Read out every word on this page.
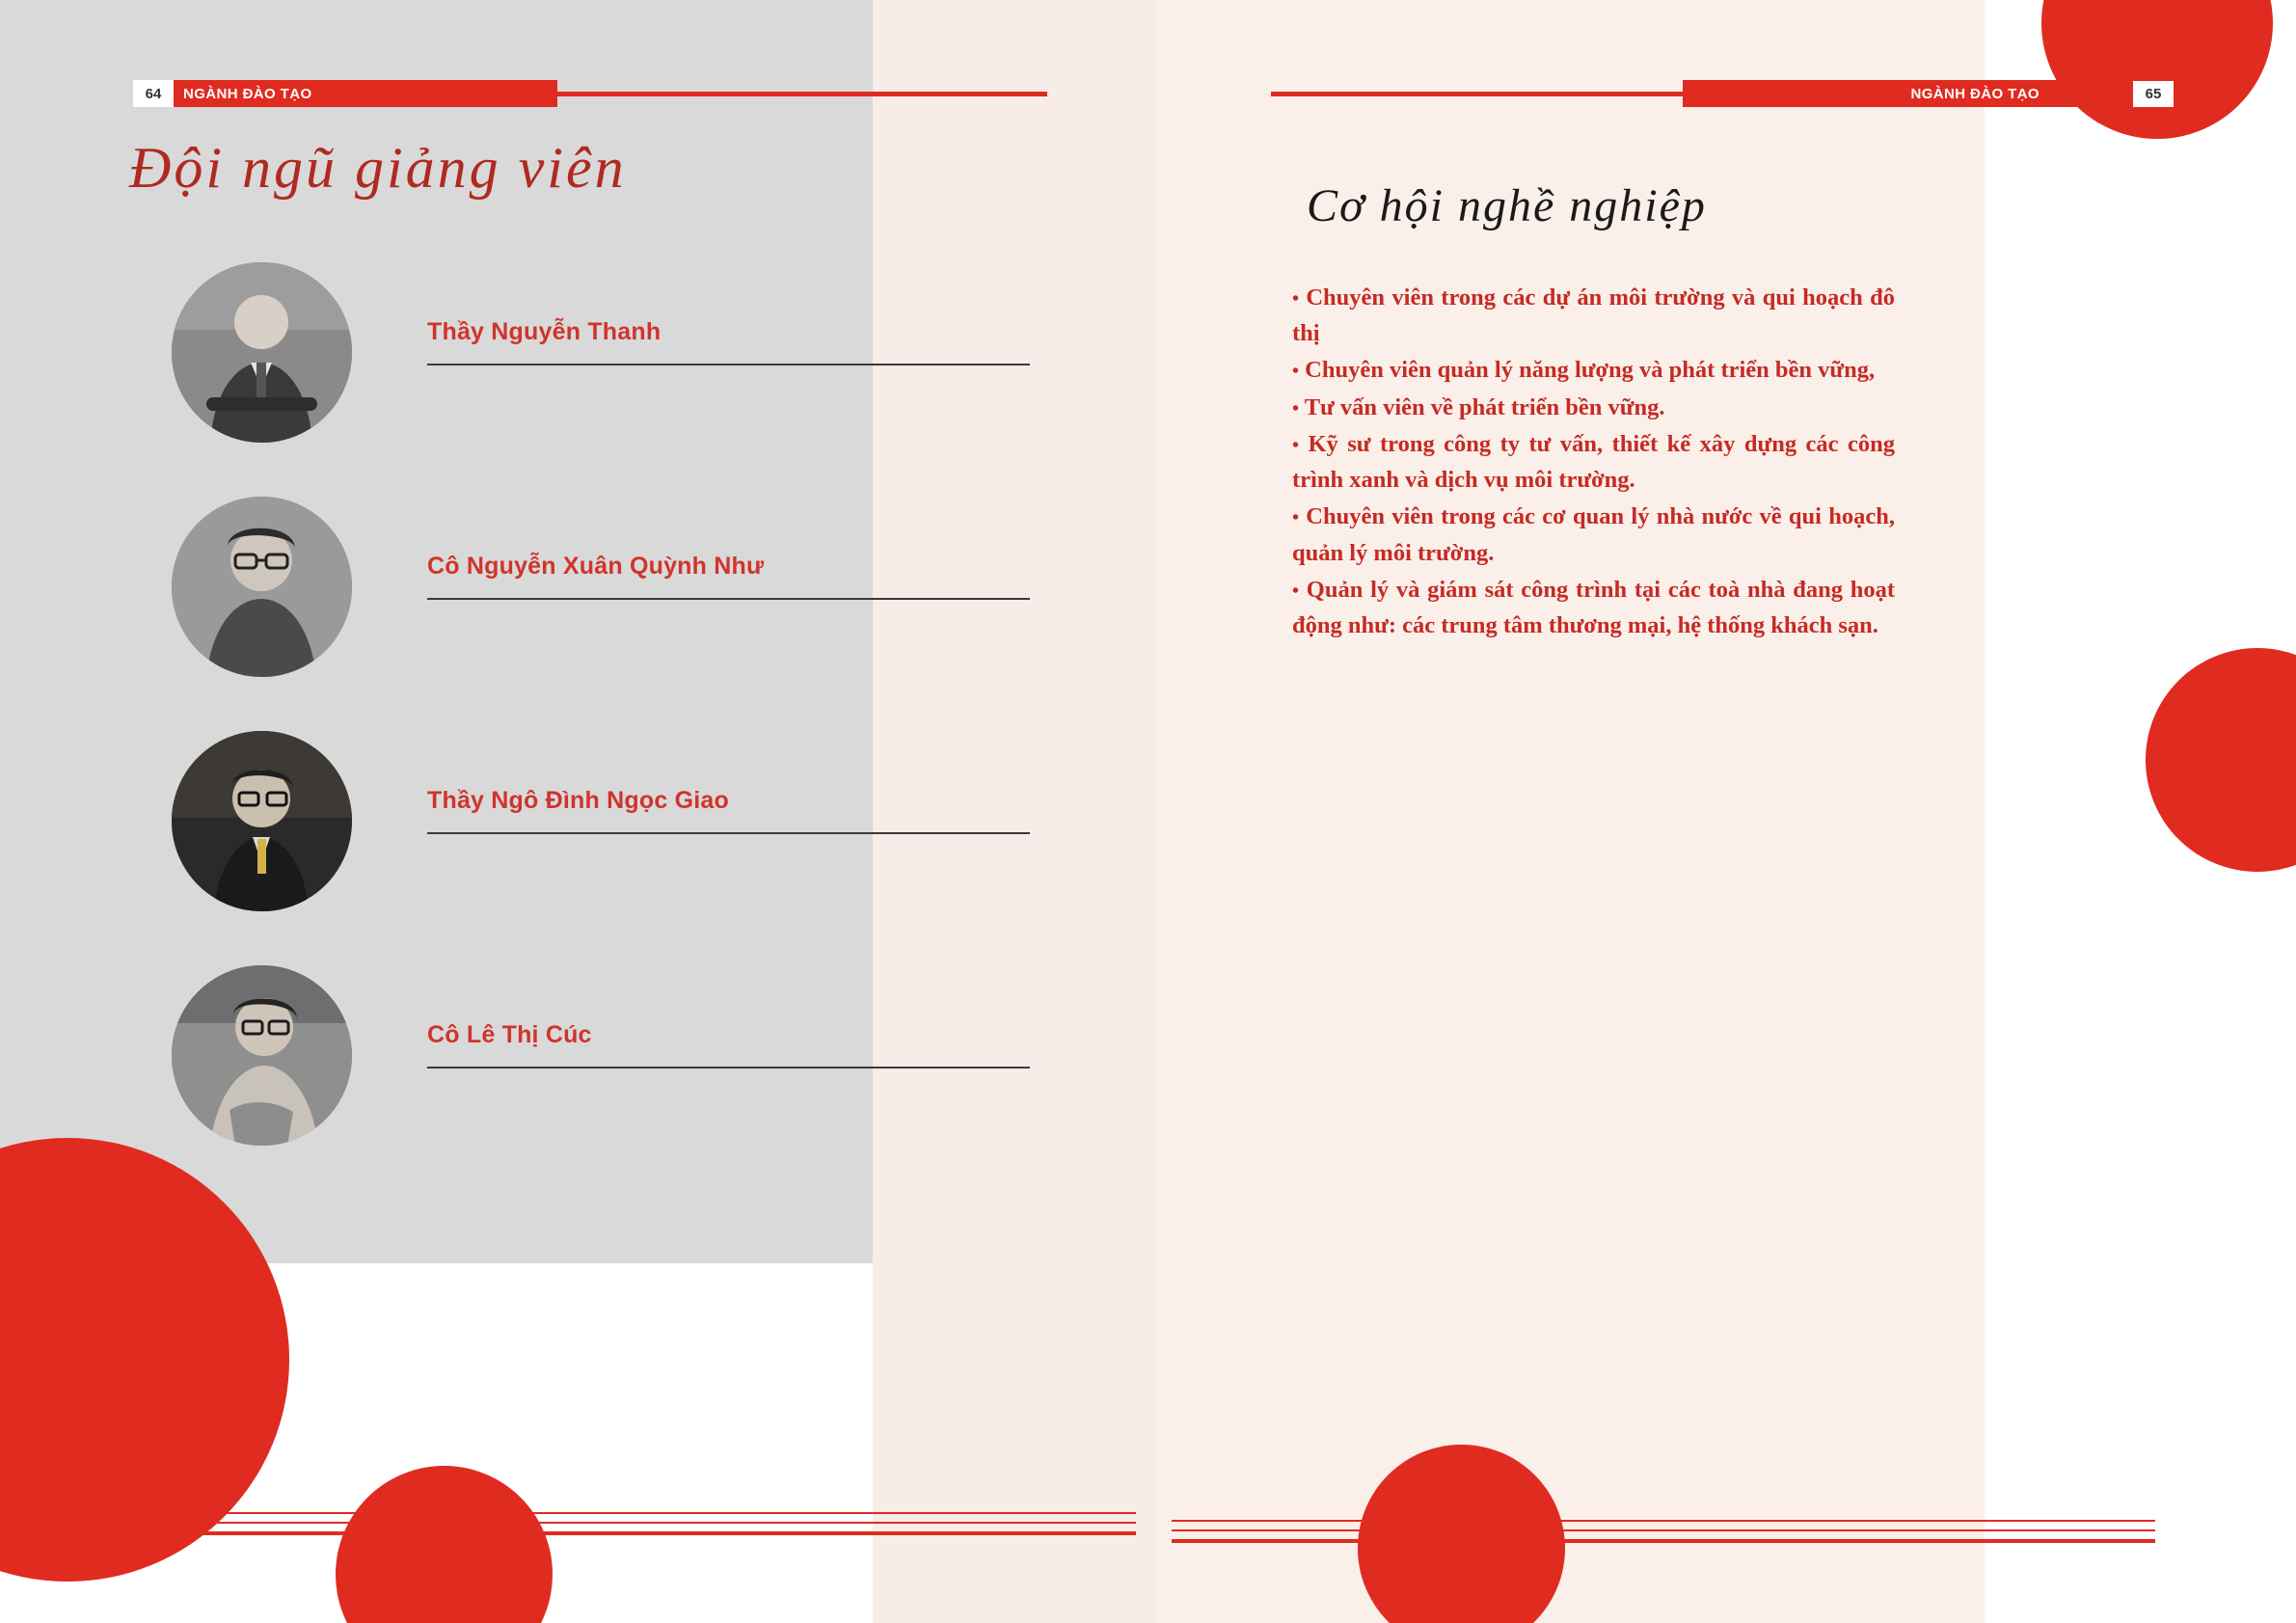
64	NGÀNH ĐÀO TẠO	NGÀNH ĐÀO TẠO	65
Đội ngũ giảng viên
Cơ hội nghề nghiệp
Thầy Nguyễn Thanh
Cô Nguyễn Xuân Quỳnh Như
Thầy Ngô Đình Ngọc Giao
Cô Lê Thị Cúc

• Chuyên viên trong các dự án môi trường và qui hoạch đô thị

• Chuyên viên quản lý năng lượng và phát triển bền vững,

• Tư vấn viên về phát triển bền vững.

• Kỹ sư trong công ty tư vấn, thiết kế xây dựng các công trình xanh và dịch vụ môi trường.

• Chuyên viên trong các cơ quan lý nhà nước về qui hoạch, quản lý môi trường.

• Quản lý và giám sát công trình tại các toà nhà đang hoạt động như: các trung tâm thương mại, hệ thống khách sạn.
